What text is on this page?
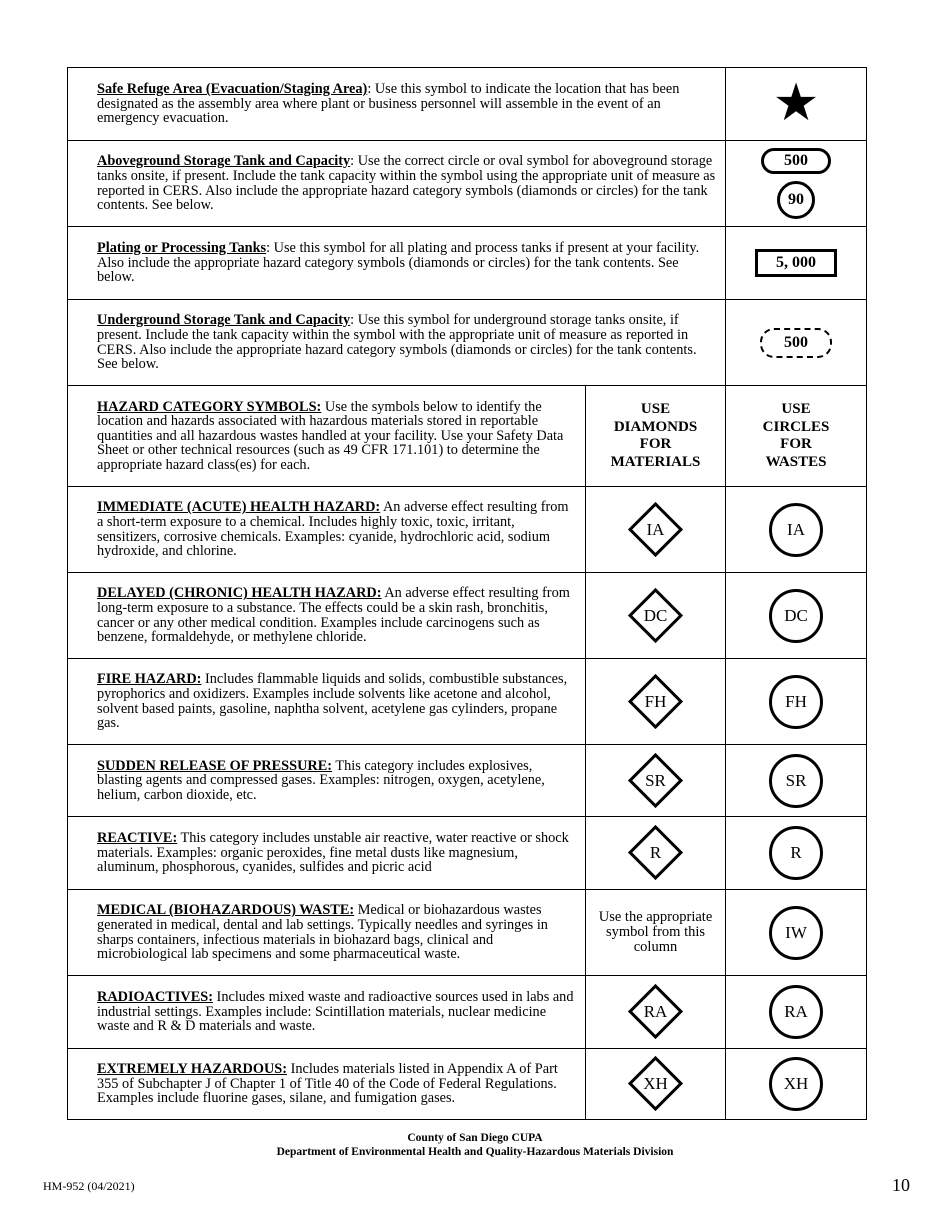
Safe Refuge Area (Evacuation/Staging Area): Use this symbol to indicate the location that has been designated as the assembly area where plant or business personnel will assemble in the event of an emergency evacuation.		★
Aboveground Storage Tank and Capacity: Use the correct circle or oval symbol for aboveground storage tanks onsite, if present. Include the tank capacity within the symbol using the appropriate unit of measure as reported in CERS. Also include the appropriate hazard category symbols (diamonds or circles) for the tank contents. See below.		500
90

Plating or Processing Tanks: Use this symbol for all plating and process tanks if present at your facility. Also include the appropriate hazard category symbols (diamonds or circles) for the tank contents. See below.		5, 000

Underground Storage Tank and Capacity: Use this symbol for underground storage tanks onsite, if present. Include the tank capacity within the symbol with the appropriate unit of measure as reported in CERS. Also include the appropriate hazard category symbols (diamonds or circles) for the tank contents. See below.		500

HAZARD CATEGORY SYMBOLS: Use the symbols below to identify the location and hazards associated with hazardous materials stored in reportable quantities and all hazardous wastes handled at your facility. Use your Safety Data Sheet or other technical resources (such as 49 CFR 171.101) to determine the appropriate hazard class(es) for each.	USE DIAMONDS FOR MATERIALS	USE CIRCLES FOR WASTES

IMMEDIATE (ACUTE) HEALTH HAZARD: An adverse effect resulting from a short-term exposure to a chemical. Includes highly toxic, toxic, irritant, sensitizers, corrosive chemicals. Examples: cyanide, hydrochloric acid, sodium hydroxide, and chlorine.	IA	IA

DELAYED (CHRONIC) HEALTH HAZARD: An adverse effect resulting from long-term exposure to a substance. The effects could be a skin rash, bronchitis, cancer or any other medical condition. Examples include carcinogens such as benzene, formaldehyde, or methylene chloride.	DC	DC

FIRE HAZARD: Includes flammable liquids and solids, combustible substances, pyrophorics and oxidizers. Examples include solvents like acetone and alcohol, solvent based paints, gasoline, naphtha solvent, acetylene gas cylinders, propane gas.	FH	FH

SUDDEN RELEASE OF PRESSURE: This category includes explosives, blasting agents and compressed gases. Examples: nitrogen, oxygen, acetylene, helium, carbon dioxide, etc.	SR	SR

REACTIVE: This category includes unstable air reactive, water reactive or shock materials. Examples: organic peroxides, fine metal dusts like magnesium, aluminum, phosphorous, cyanides, sulfides and picric acid	R	R

MEDICAL (BIOHAZARDOUS) WASTE: Medical or biohazardous wastes generated in medical, dental and lab settings. Typically needles and syringes in sharps containers, infectious materials in biohazard bags, clinical and microbiological lab specimens and some pharmaceutical waste.	Use the appropriate symbol from this column	IW

RADIOACTIVES: Includes mixed waste and radioactive sources used in labs and industrial settings. Examples include: Scintillation materials, nuclear medicine waste and R & D materials and waste.	RA	RA

EXTREMELY HAZARDOUS: Includes materials listed in Appendix A of Part 355 of Subchapter J of Chapter 1 of Title 40 of the Code of Federal Regulations. Examples include fluorine gases, silane, and fumigation gases.	XH	XH
County of San Diego CUPA
Department of Environmental Health and Quality-Hazardous Materials Division
HM-952 (04/2021)	10
